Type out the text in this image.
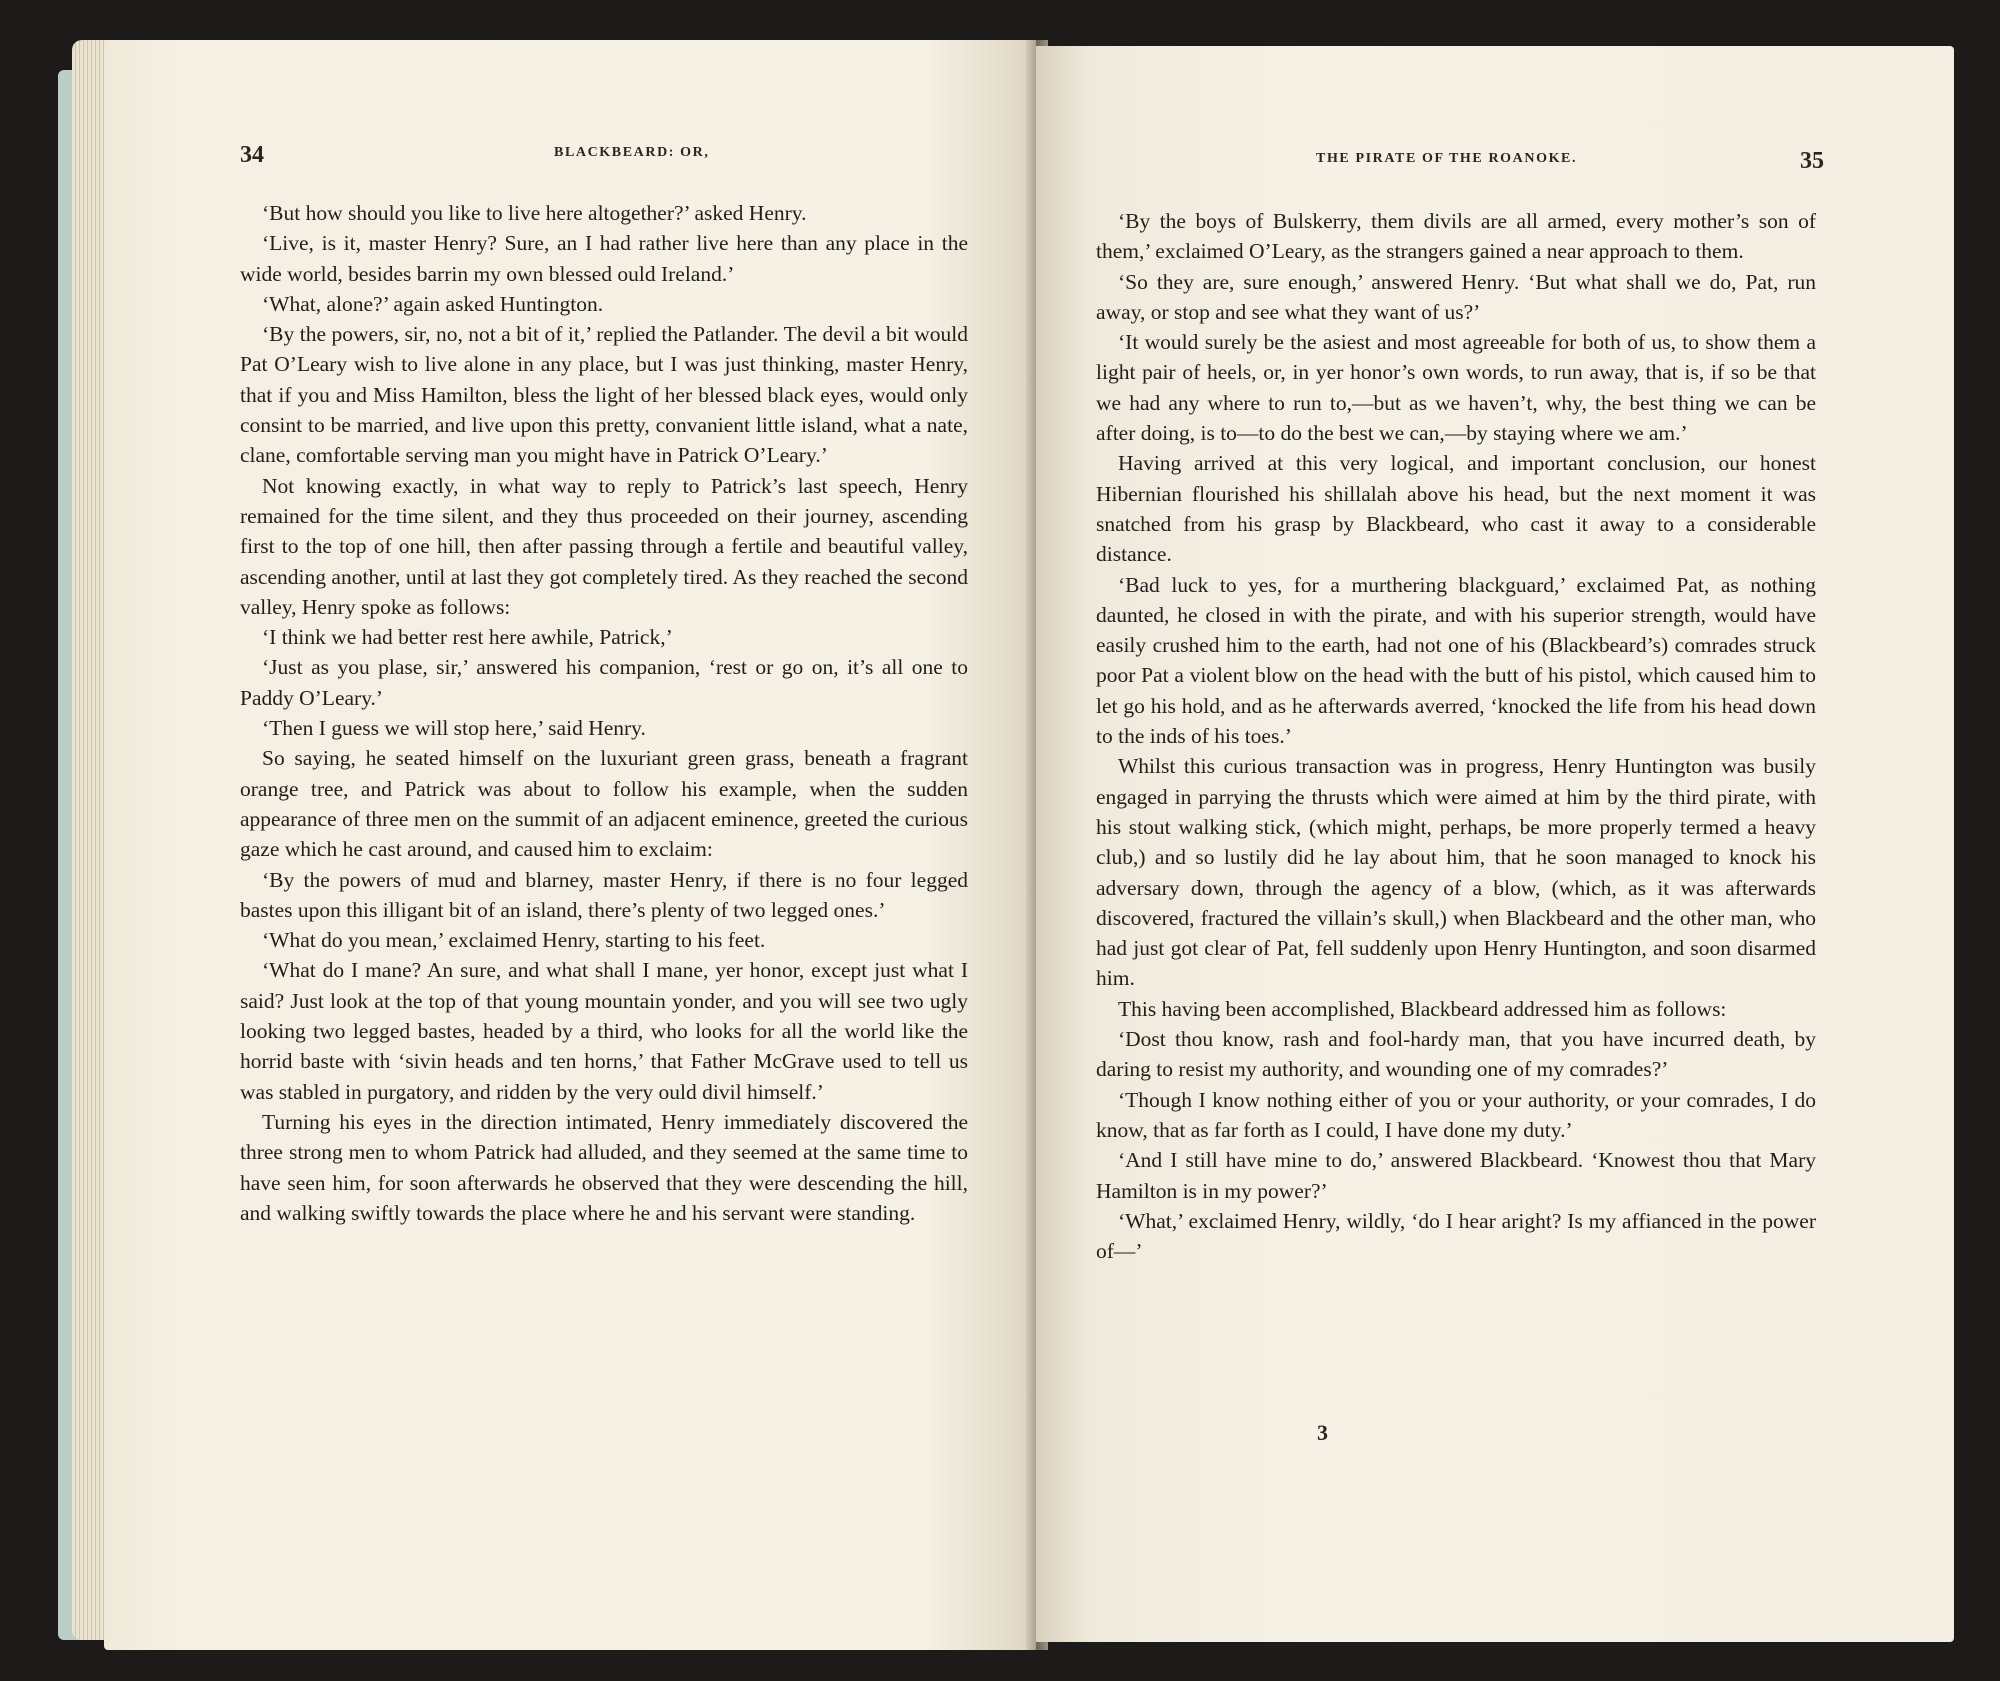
34	BLACKBEARD: OR,

‘But how should you like to live here altogether?’ asked Henry.

‘Live, is it, master Henry? Sure, an I had rather live here than any place in the wide world, besides barrin my own blessed ould Ireland.’

‘What, alone?’ again asked Huntington.

‘By the powers, sir, no, not a bit of it,’ replied the Patlander. The devil a bit would Pat O’Leary wish to live alone in any place, but I was just thinking, master Henry, that if you and Miss Hamilton, bless the light of her blessed black eyes, would only consint to be married, and live upon this pretty, convanient little island, what a nate, clane, comfortable serving man you might have in Patrick O’Leary.’

Not knowing exactly, in what way to reply to Patrick’s last speech, Henry remained for the time silent, and they thus proceeded on their journey, ascending first to the top of one hill, then after passing through a fertile and beautiful valley, ascending another, until at last they got completely tired. As they reached the second valley, Henry spoke as follows:

‘I think we had better rest here awhile, Patrick,’

‘Just as you plase, sir,’ answered his companion, ‘rest or go on, it’s all one to Paddy O’Leary.’

‘Then I guess we will stop here,’ said Henry.

So saying, he seated himself on the luxuriant green grass, beneath a fragrant orange tree, and Patrick was about to follow his example, when the sudden appearance of three men on the summit of an adjacent eminence, greeted the curious gaze which he cast around, and caused him to exclaim:

‘By the powers of mud and blarney, master Henry, if there is no four legged bastes upon this illigant bit of an island, there’s plenty of two legged ones.’

‘What do you mean,’ exclaimed Henry, starting to his feet.

‘What do I mane? An sure, and what shall I mane, yer honor, except just what I said? Just look at the top of that young mountain yonder, and you will see two ugly looking two legged bastes, headed by a third, who looks for all the world like the horrid baste with ‘sivin heads and ten horns,’ that Father McGrave used to tell us was stabled in purgatory, and ridden by the very ould divil himself.’

Turning his eyes in the direction intimated, Henry immediately discovered the three strong men to whom Patrick had alluded, and they seemed at the same time to have seen him, for soon afterwards he observed that they were descending the hill, and walking swiftly towards the place where he and his servant were standing.

THE PIRATE OF THE ROANOKE.	35

‘By the boys of Bulskerry, them divils are all armed, every mother’s son of them,’ exclaimed O’Leary, as the strangers gained a near approach to them.

‘So they are, sure enough,’ answered Henry. ‘But what shall we do, Pat, run away, or stop and see what they want of us?’

‘It would surely be the asiest and most agreeable for both of us, to show them a light pair of heels, or, in yer honor’s own words, to run away, that is, if so be that we had any where to run to,—but as we haven’t, why, the best thing we can be after doing, is to—to do the best we can,—by staying where we am.’

Having arrived at this very logical, and important conclusion, our honest Hibernian flourished his shillalah above his head, but the next moment it was snatched from his grasp by Blackbeard, who cast it away to a considerable distance.

‘Bad luck to yes, for a murthering blackguard,’ exclaimed Pat, as nothing daunted, he closed in with the pirate, and with his superior strength, would have easily crushed him to the earth, had not one of his (Blackbeard’s) comrades struck poor Pat a violent blow on the head with the butt of his pistol, which caused him to let go his hold, and as he afterwards averred, ‘knocked the life from his head down to the inds of his toes.’

Whilst this curious transaction was in progress, Henry Huntington was busily engaged in parrying the thrusts which were aimed at him by the third pirate, with his stout walking stick, (which might, perhaps, be more properly termed a heavy club,) and so lustily did he lay about him, that he soon managed to knock his adversary down, through the agency of a blow, (which, as it was afterwards discovered, fractured the villain’s skull,) when Blackbeard and the other man, who had just got clear of Pat, fell suddenly upon Henry Huntington, and soon disarmed him.

This having been accomplished, Blackbeard addressed him as follows:

‘Dost thou know, rash and fool-hardy man, that you have incurred death, by daring to resist my authority, and wounding one of my comrades?’

‘Though I know nothing either of you or your authority, or your comrades, I do know, that as far forth as I could, I have done my duty.’

‘And I still have mine to do,’ answered Blackbeard. ‘Knowest thou that Mary Hamilton is in my power?’

‘What,’ exclaimed Henry, wildly, ‘do I hear aright? Is my affianced in the power of—’

3
